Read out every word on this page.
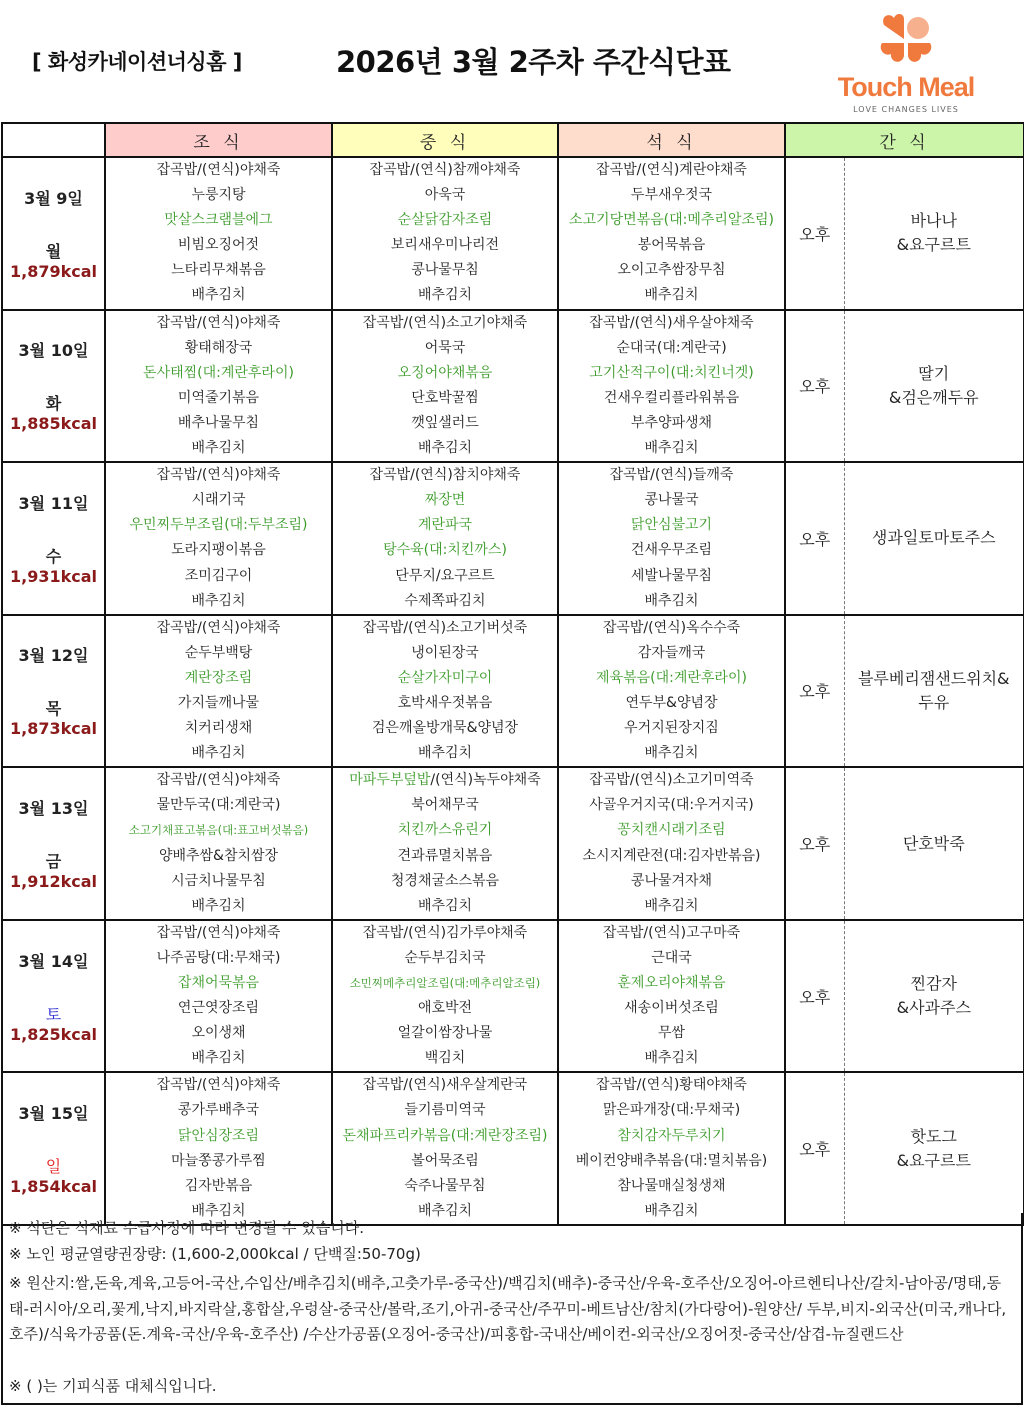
[ 화성카네이션너싱홈 ]	2026년 3월 2주차 주간식단표
Touch Meal
LOVE CHANGES LIVES
	조 식	중 식	석 식	간 식	

3월 9일
월
1,879kcal

잡곡밥/(연식)야채죽
누룽지탕
맛살스크램블에그
비빔오징어젓
느타리무채볶음
배추김치

잡곡밥/(연식)참깨야채죽
아욱국
순살닭감자조림
보리새우미나리전
콩나물무침
배추김치

잡곡밥/(연식)계란야채죽
두부새우젓국
소고기당면볶음(대:메추리알조림)
봉어묵볶음
오이고추쌈장무침
배추김치
	오후	
바나나
&요구르트

3월 10일
화
1,885kcal

잡곡밥/(연식)야채죽
황태해장국
돈사태찜(대:계란후라이)
미역줄기볶음
배추나물무침
배추김치

잡곡밥/(연식)소고기야채죽
어묵국
오징어야채볶음
단호박꿀찜
깻잎샐러드
배추김치

잡곡밥/(연식)새우살야채죽
순대국(대:계란국)
고기산적구이(대:치킨너겟)
건새우컬리플라워볶음
부추양파생채
배추김치
	오후	
딸기
&검은깨두유

3월 11일
수
1,931kcal

잡곡밥/(연식)야채죽
시래기국
우민찌두부조림(대:두부조림)
도라지팽이볶음
조미김구이
배추김치

잡곡밥/(연식)참치야채죽
짜장면
계란파국
탕수육(대:치킨까스)
단무지/요구르트
수제쪽파김치

잡곡밥/(연식)들깨죽
콩나물국
닭안심불고기
건새우무조림
세발나물무침
배추김치
	오후	생과일토마토주스

3월 12일
목
1,873kcal

잡곡밥/(연식)야채죽
순두부백탕
계란장조림
가지들깨나물
치커리생채
배추김치

잡곡밥/(연식)소고기버섯죽
냉이된장국
순살가자미구이
호박새우젓볶음
검은깨올방개묵&양념장
배추김치

잡곡밥/(연식)옥수수죽
감자들깨국
제육볶음(대:계란후라이)
연두부&양념장
우거지된장지짐
배추김치
	오후	
블루베리잼샌드위치&
두유

3월 13일
금
1,912kcal

잡곡밥/(연식)야채죽
물만두국(대:계란국)
소고기채표고볶음(대:표고버섯볶음)
양배추쌈&참치쌈장
시금치나물무침
배추김치

마파두부덮밥/(연식)녹두야채죽
북어채무국
치킨까스유린기
견과류멸치볶음
청경채굴소스볶음
배추김치

잡곡밥/(연식)소고기미역죽
사골우거지국(대:우거지국)
꽁치캔시래기조림
소시지계란전(대:김자반볶음)
콩나물겨자채
배추김치
	오후	단호박죽

3월 14일
토
1,825kcal

잡곡밥/(연식)야채죽
나주곰탕(대:무채국)
잡채어묵볶음
연근엿장조림
오이생채
배추김치

잡곡밥/(연식)김가루야채죽
순두부김치국
소민찌메추리알조림(대:메추리알조림)
애호박전
얼갈이쌈장나물
백김치

잡곡밥/(연식)고구마죽
근대국
훈제오리야채볶음
새송이버섯조림
무쌈
배추김치
	오후	
찐감자
&사과주스

3월 15일
일
1,854kcal

잡곡밥/(연식)야채죽
콩가루배추국
닭안심장조림
마늘쫑콩가루찜
김자반볶음
배추김치

잡곡밥/(연식)새우살계란국
들기름미역국
돈채파프리카볶음(대:계란장조림)
볼어묵조림
숙주나물무침
배추김치

잡곡밥/(연식)황태야채죽
맑은파개장(대:무채국)
참치감자두루치기
베이컨양배추볶음(대:멸치볶음)
참나물매실청생채
배추김치
	오후	
핫도그
&요구르트
※ 식단은 식재료 수급사정에 따라 변경될 수 있습니다.
※ 노인 평균열량권장량: (1,600-2,000kcal / 단백질:50-70g)
※ 원산지:쌀,돈육,계육,고등어-국산,수입산/배추김치(배추,고춧가루-중국산)/백김치(배추)-중국산/우육-호주산/오징어-아르헨티나산/갈치-남아공/명태,동태-러시아/오리,꽃게,낙지,바지락살,홍합살,우렁살-중국산/볼락,조기,아귀-중국산/주꾸미-베트남산/참치(가다랑어)-원양산/ 두부,비지-외국산(미국,캐나다,호주)/식육가공품(돈.계육-국산/우육-호주산) /수산가공품(오징어-중국산)/피홍합-국내산/베이컨-외국산/오징어젓-중국산/삼겹-뉴질랜드산
※ ( )는 기피식품 대체식입니다.
